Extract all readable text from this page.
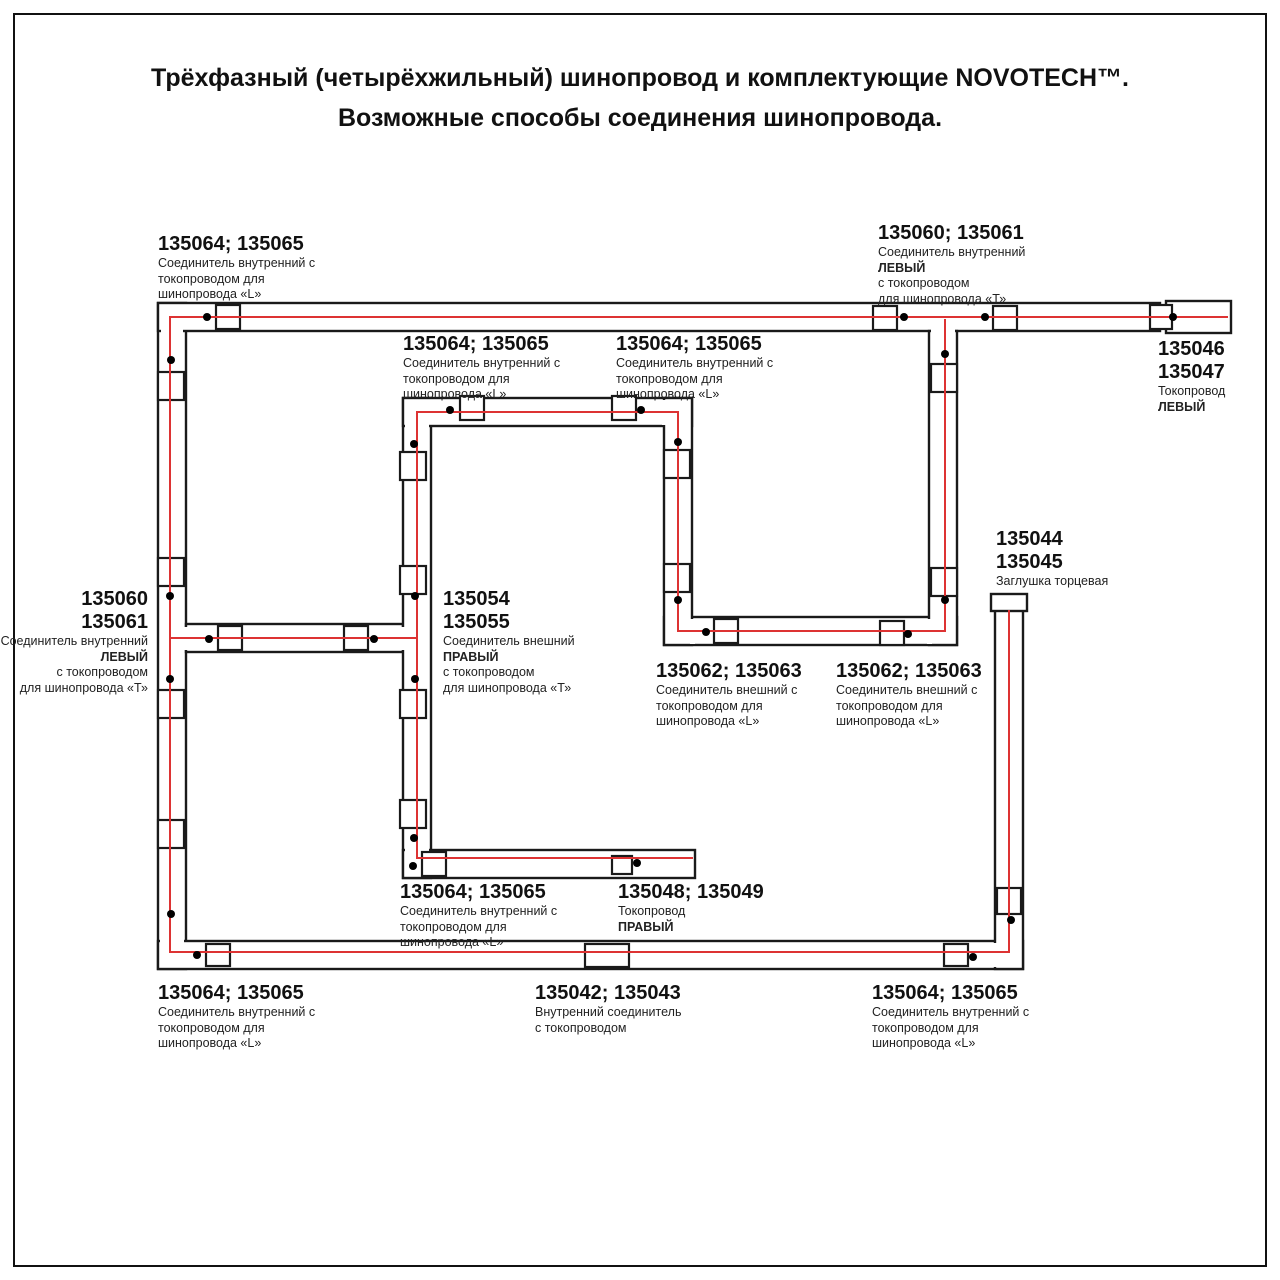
Трёхфазный (четырёхжильный) шинопровод и комплектующие NOVOTECH™.
Возможные способы соединения шинопровода.
135064; 135065
Соединитель внутренний с
токопроводом для
шинопровода «L»
135060; 135061
Соединитель внутренний
ЛЕВЫЙ
с токопроводом
для шинопровода «Т»
135046
135047
Токопровод
ЛЕВЫЙ
135064; 135065
Соединитель внутренний с
токопроводом для
шинопровода «L»
135064; 135065
Соединитель внутренний с
токопроводом для
шинопровода «L»
135060
135061
Соединитель внутренний
ЛЕВЫЙ
с токопроводом
для шинопровода «Т»
135054
135055
Соединитель внешний
ПРАВЫЙ
с токопроводом
для шинопровода «Т»
135044
135045
Заглушка торцевая
135062; 135063
Соединитель внешний с
токопроводом для
шинопровода «L»
135062; 135063
Соединитель внешний с
токопроводом для
шинопровода «L»
135064; 135065
Соединитель внутренний с
токопроводом для
шинопровода «L»
135048; 135049
Токопровод
ПРАВЫЙ
135064; 135065
Соединитель внутренний с
токопроводом для
шинопровода «L»
135042; 135043
Внутренний соединитель
с токопроводом
135064; 135065
Соединитель внутренний с
токопроводом для
шинопровода «L»
